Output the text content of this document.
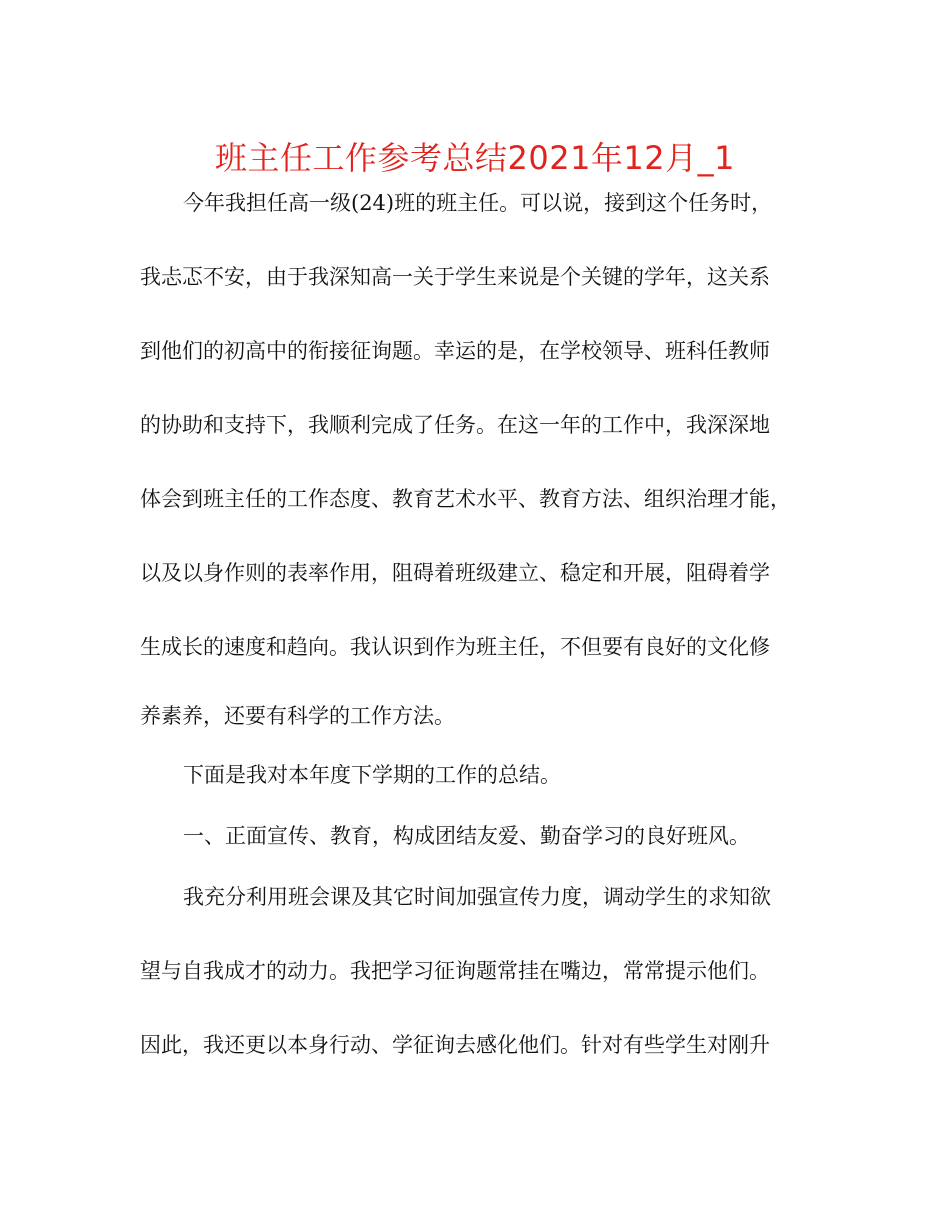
班主任工作参考总结2021年12月_1
今年我担任高一级(24)班的班主任。可以说，接到这个任务时，
我忐忑不安，由于我深知高一关于学生来说是个关键的学年，这关系
到他们的初高中的衔接征询题。幸运的是，在学校领导、班科任教师
的协助和支持下，我顺利完成了任务。在这一年的工作中，我深深地
体会到班主任的工作态度、教育艺术水平、教育方法、组织治理才能，
以及以身作则的表率作用，阻碍着班级建立、稳定和开展，阻碍着学
生成长的速度和趋向。我认识到作为班主任，不但要有良好的文化修
养素养，还要有科学的工作方法。
下面是我对本年度下学期的工作的总结。
一、正面宣传、教育，构成团结友爱、勤奋学习的良好班风。
我充分利用班会课及其它时间加强宣传力度，调动学生的求知欲
望与自我成才的动力。我把学习征询题常挂在嘴边，常常提示他们。
因此，我还更以本身行动、学征询去感化他们。针对有些学生对刚升
